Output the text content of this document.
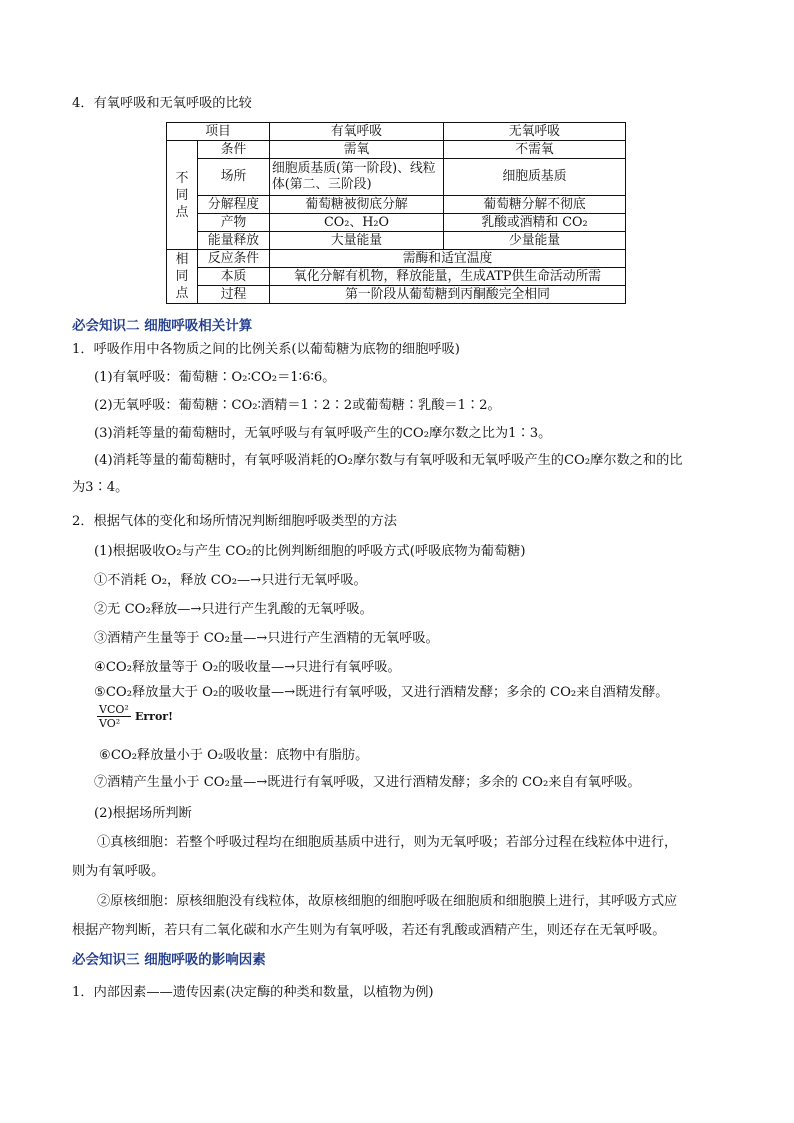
4．有氧呼吸和无氧呼吸的比较
项目		有氧呼吸	无氧呼吸
不同点	条件	需氧	不需氧
	场所	细胞质基质(第一阶段)、线粒体(第二、三阶段)	细胞质基质
	分解程度	葡萄糖被彻底分解	葡萄糖分解不彻底
	产物	CO₂、H₂O	乳酸或酒精和 CO₂
	能量释放	大量能量	少量能量
相同点	反应条件	需酶和适宜温度	
	本质	氧化分解有机物，释放能量，生成ATP供生命活动所需	
	过程	第一阶段从葡萄糖到丙酮酸完全相同	
必会知识二 细胞呼吸相关计算
1．呼吸作用中各物质之间的比例关系(以葡萄糖为底物的细胞呼吸)
(1)有氧呼吸：葡萄糖∶O₂∶CO₂＝1∶6∶6。
(2)无氧呼吸：葡萄糖∶CO₂∶酒精＝1∶2∶2或葡萄糖∶乳酸＝1∶2。
(3)消耗等量的葡萄糖时，无氧呼吸与有氧呼吸产生的CO₂摩尔数之比为1∶3。
(4)消耗等量的葡萄糖时，有氧呼吸消耗的O₂摩尔数与有氧呼吸和无氧呼吸产生的CO₂摩尔数之和的比
为3∶4。
2．根据气体的变化和场所情况判断细胞呼吸类型的方法
(1)根据吸收O₂与产生 CO₂的比例判断细胞的呼吸方式(呼吸底物为葡萄糖)
①不消耗 O₂，释放 CO₂—→只进行无氧呼吸。
②无 CO₂释放—→只进行产生乳酸的无氧呼吸。
③酒精产生量等于 CO₂量—→只进行产生酒精的无氧呼吸。
④CO₂释放量等于 O₂的吸收量—→只进行有氧呼吸。
⑤CO₂释放量大于 O₂的吸收量—→既进行有氧呼吸，又进行酒精发酵；多余的 CO₂来自酒精发酵。
VCO²
VO²
Error!
⑥CO₂释放量小于 O₂吸收量：底物中有脂肪。
⑦酒精产生量小于 CO₂量—→既进行有氧呼吸，又进行酒精发酵；多余的 CO₂来自有氧呼吸。
(2)根据场所判断
①真核细胞：若整个呼吸过程均在细胞质基质中进行，则为无氧呼吸；若部分过程在线粒体中进行，
则为有氧呼吸。
②原核细胞：原核细胞没有线粒体，故原核细胞的细胞呼吸在细胞质和细胞膜上进行，其呼吸方式应
根据产物判断，若只有二氧化碳和水产生则为有氧呼吸，若还有乳酸或酒精产生，则还存在无氧呼吸。
必会知识三 细胞呼吸的影响因素
1．内部因素——遗传因素(决定酶的种类和数量，以植物为例)
